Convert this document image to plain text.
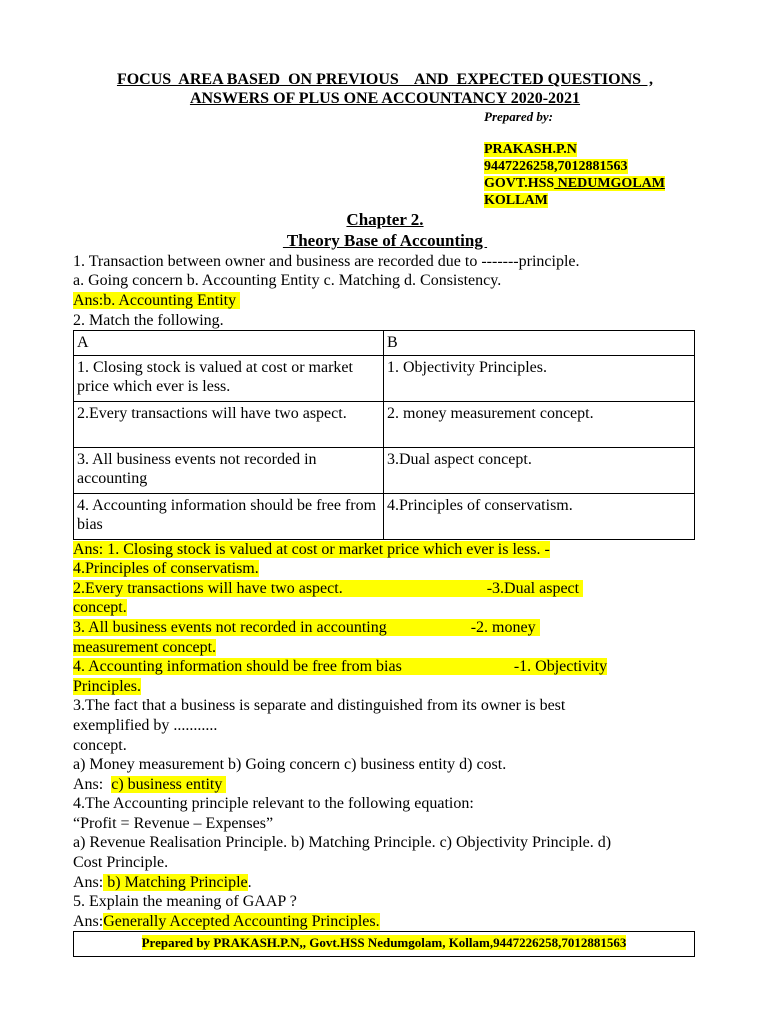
FOCUS  AREA BASED  ON PREVIOUS    AND  EXPECTED QUESTIONS  ,
ANSWERS OF PLUS ONE ACCOUNTANCY 2020-2021
Prepared by:
PRAKASH.P.N
9447226258,7012881563
GOVT.HSS NEDUMGOLAM
KOLLAM
Chapter 2.
Theory Base of Accounting
1. Transaction between owner and business are recorded due to -------principle.
a. Going concern b. Accounting Entity c. Matching d. Consistency.
Ans:b. Accounting Entity
2. Match the following.
A	B
1. Closing stock is valued at cost or market price which ever is less.	1. Objectivity Principles.
2.Every transactions will have two aspect.	2. money measurement concept.
3. All business events not recorded in accounting	3.Dual aspect concept.
4. Accounting information should be free from bias	4.Principles of conservatism.
Ans: 1. Closing stock is valued at cost or market price which ever is less. -
4.Principles of conservatism.
2.Every transactions will have two aspect.                                    -3.Dual aspect
concept.
3. All business events not recorded in accounting                     -2. money
measurement concept.
4. Accounting information should be free from bias                            -1. Objectivity
Principles.
3.The fact that a business is separate and distinguished from its owner is best
exemplified by ...........
concept.
a) Money measurement b) Going concern c) business entity d) cost.
Ans:  c) business entity
4.The Accounting principle relevant to the following equation:
“Profit = Revenue – Expenses”
a) Revenue Realisation Principle. b) Matching Principle. c) Objectivity Principle. d)
Cost Principle.
Ans: b) Matching Principle.
5. Explain the meaning of GAAP ?
Ans:Generally Accepted Accounting Principles.
Prepared by PRAKASH.P.N,, Govt.HSS Nedumgolam, Kollam,9447226258,7012881563
